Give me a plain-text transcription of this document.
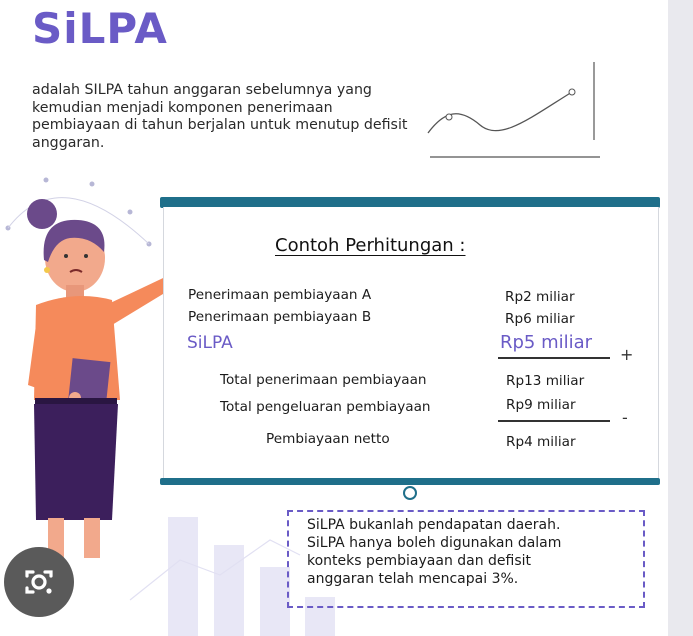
SiLPA
adalah SILPA tahun anggaran sebelumnya yang kemudian menjadi komponen penerimaan pembiayaan di tahun berjalan untuk menutup defisit anggaran.
Contoh Perhitungan :
Penerimaan pembiayaan A	Rp2 miliar
Penerimaan pembiayaan B	Rp6 miliar
SiLPA	Rp5 miliar
+
Total penerimaan pembiayaan	Rp13 miliar
Total pengeluaran pembiayaan	Rp9 miliar
-
Pembiayaan netto	Rp4 miliar
SiLPA bukanlah pendapatan daerah.
SiLPA hanya boleh digunakan dalam
konteks pembiayaan dan defisit
anggaran telah mencapai 3%.
